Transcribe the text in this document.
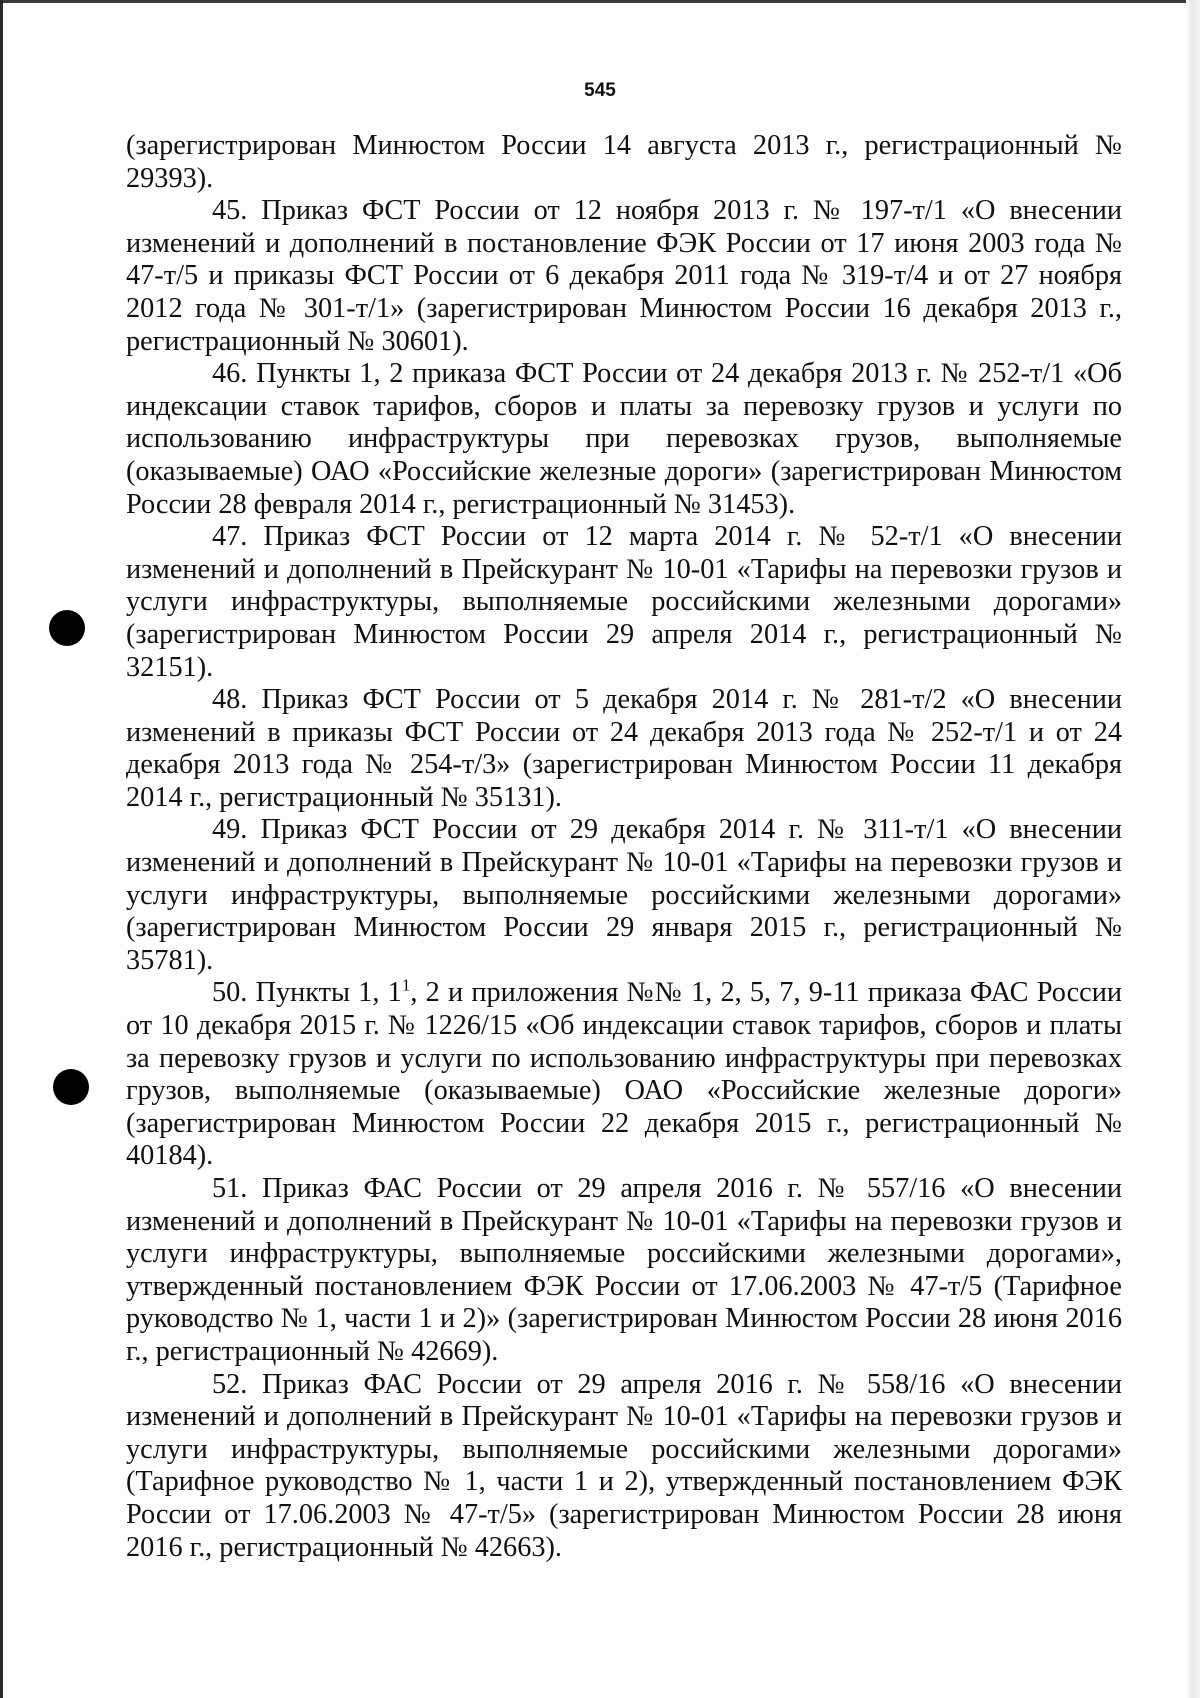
545

(зарегистрирован Минюстом России 14 августа 2013 г., регистрационный № 29393).

45. Приказ ФСТ России от 12 ноября 2013 г. № 197-т/1 «О внесении изменений и дополнений в постановление ФЭК России от 17 июня 2003 года № 47-т/5 и приказы ФСТ России от 6 декабря 2011 года № 319-т/4 и от 27 ноября 2012 года № 301-т/1» (зарегистрирован Минюстом России 16 декабря 2013 г., регистрационный № 30601).

46. Пункты 1, 2 приказа ФСТ России от 24 декабря 2013 г. № 252-т/1 «Об индексации ставок тарифов, сборов и платы за перевозку грузов и услуги по использованию инфраструктуры при перевозках грузов, выполняемые (оказываемые) ОАО «Российские железные дороги» (зарегистрирован Минюстом России 28 февраля 2014 г., регистрационный № 31453).

47. Приказ ФСТ России от 12 марта 2014 г. № 52-т/1 «О внесении изменений и дополнений в Прейскурант № 10-01 «Тарифы на перевозки грузов и услуги инфраструктуры, выполняемые российскими железными дорогами» (зарегистрирован Минюстом России 29 апреля 2014 г., регистрационный № 32151).

48. Приказ ФСТ России от 5 декабря 2014 г. № 281-т/2 «О внесении изменений в приказы ФСТ России от 24 декабря 2013 года № 252-т/1 и от 24 декабря 2013 года № 254-т/3» (зарегистрирован Минюстом России 11 декабря 2014 г., регистрационный № 35131).

49. Приказ ФСТ России от 29 декабря 2014 г. № 311-т/1 «О внесении изменений и дополнений в Прейскурант № 10-01 «Тарифы на перевозки грузов и услуги инфраструктуры, выполняемые российскими железными дорогами» (зарегистрирован Минюстом России 29 января 2015 г., регистрационный № 35781).

50. Пункты 1, $1^1$, 2 и приложения №№ 1, 2, 5, 7, 9-11 приказа ФАС России от 10 декабря 2015 г. № 1226/15 «Об индексации ставок тарифов, сборов и платы за перевозку грузов и услуги по использованию инфраструктуры при перевозках грузов, выполняемые (оказываемые) ОАО «Российские железные дороги» (зарегистрирован Минюстом России 22 декабря 2015 г., регистрационный № 40184).

51. Приказ ФАС России от 29 апреля 2016 г. № 557/16 «О внесении изменений и дополнений в Прейскурант № 10-01 «Тарифы на перевозки грузов и услуги инфраструктуры, выполняемые российскими железными дорогами», утвержденный постановлением ФЭК России от 17.06.2003 № 47-т/5 (Тарифное руководство № 1, части 1 и 2)» (зарегистрирован Минюстом России 28 июня 2016 г., регистрационный № 42669).

52. Приказ ФАС России от 29 апреля 2016 г. № 558/16 «О внесении изменений и дополнений в Прейскурант № 10-01 «Тарифы на перевозки грузов и услуги инфраструктуры, выполняемые российскими железными дорогами» (Тарифное руководство № 1, части 1 и 2), утвержденный постановлением ФЭК России от 17.06.2003 № 47-т/5» (зарегистрирован Минюстом России 28 июня 2016 г., регистрационный № 42663).
